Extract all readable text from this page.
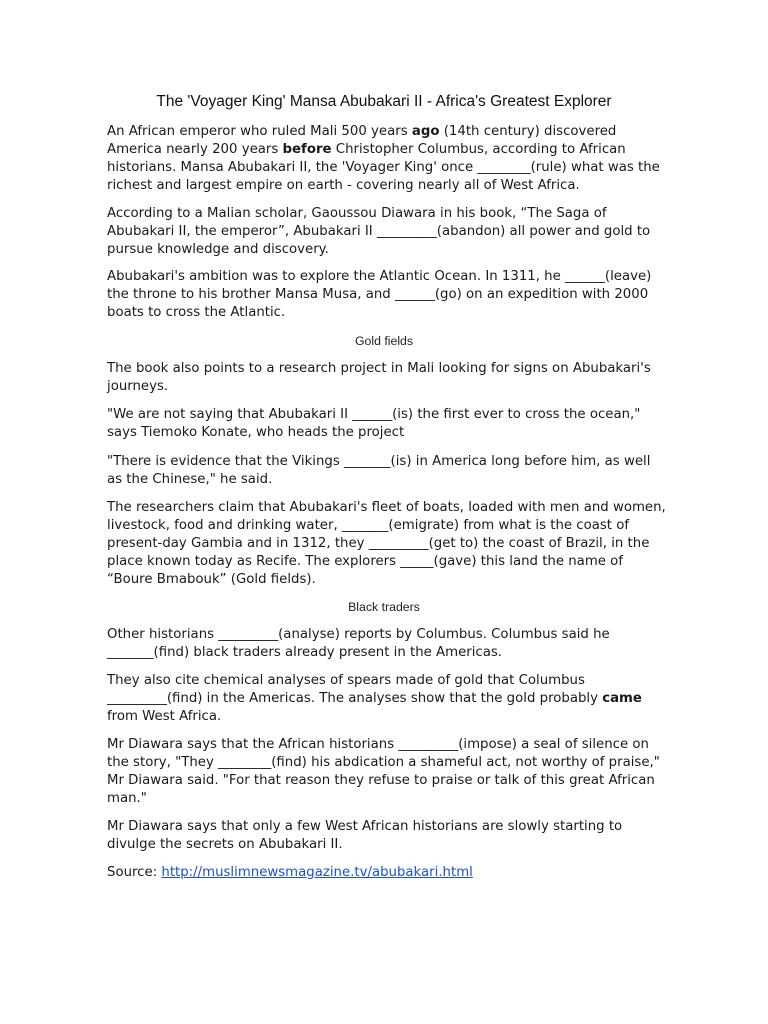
The 'Voyager King' Mansa Abubakari II - Africa's Greatest Explorer

An African emperor who ruled Mali 500 years ago (14th century) discovered America nearly 200 years before Christopher Columbus, according to African historians. Mansa Abubakari II, the 'Voyager King' once ________(rule) what was the richest and largest empire on earth - covering nearly all of West Africa.

According to a Malian scholar, Gaoussou Diawara in his book, “The Saga of Abubakari II, the emperor”, Abubakari II _________(abandon) all power and gold to pursue knowledge and discovery.

Abubakari's ambition was to explore the Atlantic Ocean. In 1311, he ______(leave) the throne to his brother Mansa Musa, and ______(go) on an expedition with 2000 boats to cross the Atlantic.

Gold fields

The book also points to a research project in Mali looking for signs on Abubakari's journeys.

"We are not saying that Abubakari II ______(is) the first ever to cross the ocean," says Tiemoko Konate, who heads the project

"There is evidence that the Vikings _______(is) in America long before him, as well as the Chinese," he said.

The researchers claim that Abubakari's fleet of boats, loaded with men and women, livestock, food and drinking water, _______(emigrate) from what is the coast of present-day Gambia and in 1312, they _________(get to) the coast of Brazil, in the place known today as Recife. The explorers _____(gave) this land the name of “Boure Bmabouk” (Gold fields).

Black traders

Other historians _________(analyse) reports by Columbus. Columbus said he _______(find) black traders already present in the Americas.

They also cite chemical analyses of spears made of gold that Columbus _________(find) in the Americas. The analyses show that the gold probably came from West Africa.

Mr Diawara says that the African historians _________(impose) a seal of silence on the story, "They ________(find) his abdication a shameful act, not worthy of praise," Mr Diawara said. "For that reason they refuse to praise or talk of this great African man."

Mr Diawara says that only a few West African historians are slowly starting to divulge the secrets on Abubakari II.

Source: http://muslimnewsmagazine.tv/abubakari.html
